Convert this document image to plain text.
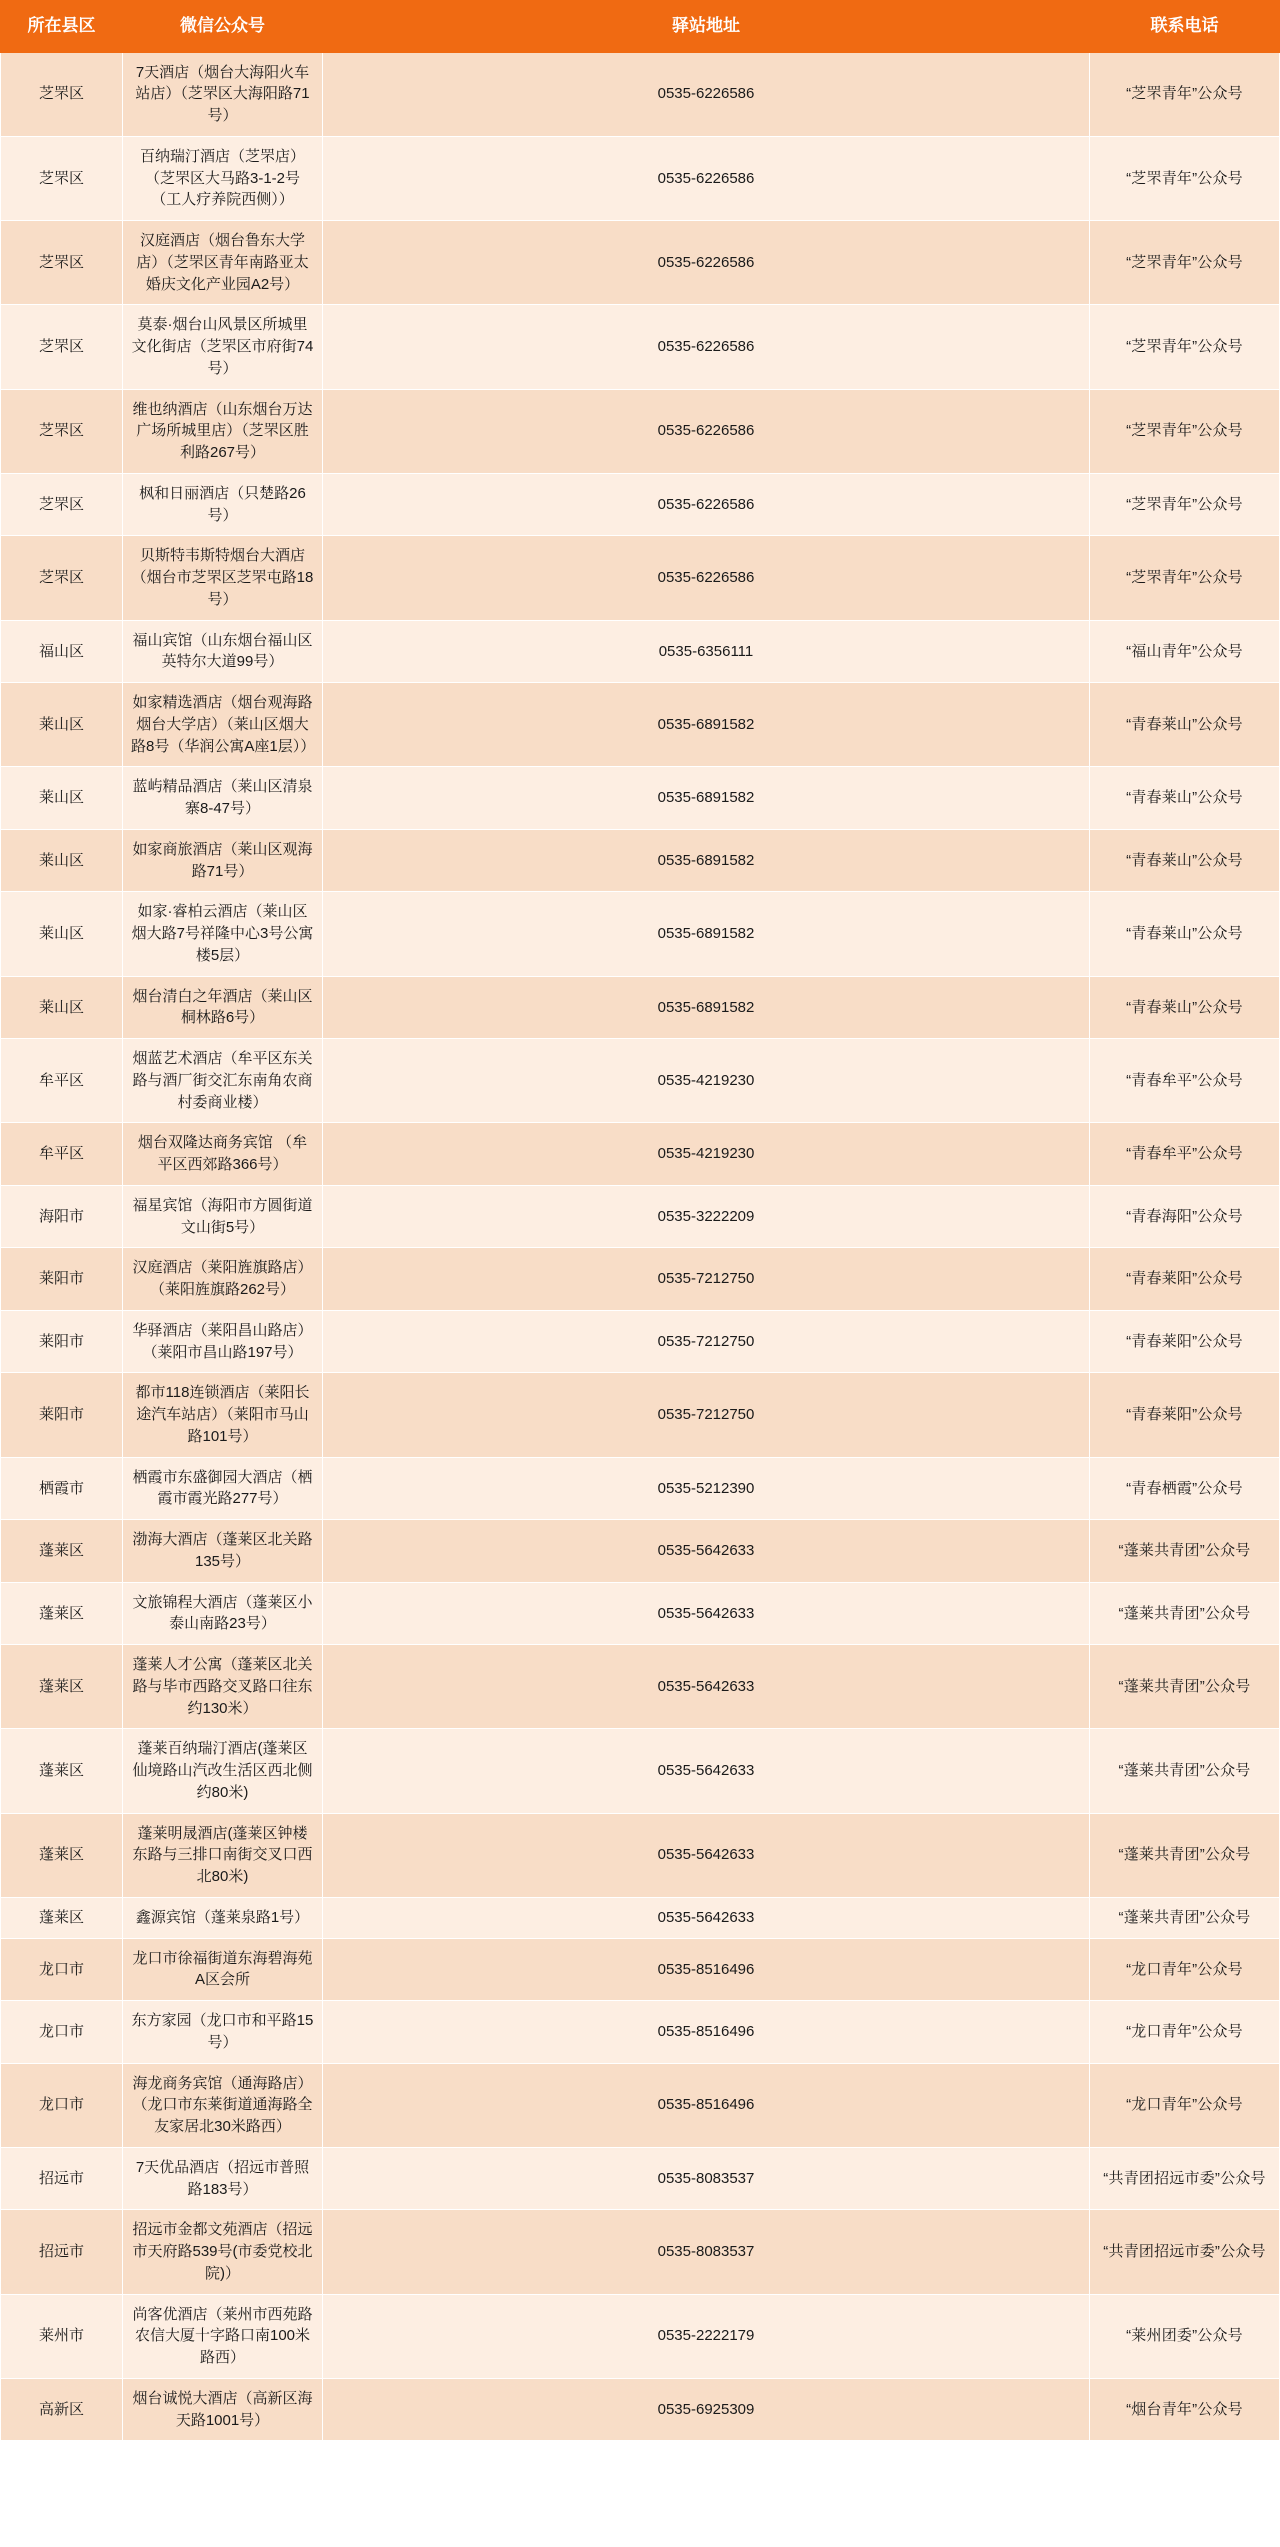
所在县区	微信公众号	驿站地址	联系电话
芝罘区	7天酒店（烟台大海阳火车站店）（芝罘区大海阳路71号）	0535-6226586	“芝罘青年”公众号
芝罘区	百纳瑞汀酒店（芝罘店）（芝罘区大马路3-1-2号（工人疗养院西侧））	0535-6226586	“芝罘青年”公众号
芝罘区	汉庭酒店（烟台鲁东大学店）（芝罘区青年南路亚太婚庆文化产业园A2号）	0535-6226586	“芝罘青年”公众号
芝罘区	莫泰·烟台山风景区所城里文化街店（芝罘区市府街74号）	0535-6226586	“芝罘青年”公众号
芝罘区	维也纳酒店（山东烟台万达广场所城里店）（芝罘区胜利路267号）	0535-6226586	“芝罘青年”公众号
芝罘区	枫和日丽酒店（只楚路26号）	0535-6226586	“芝罘青年”公众号
芝罘区	贝斯特韦斯特烟台大酒店（烟台市芝罘区芝罘屯路18号）	0535-6226586	“芝罘青年”公众号
福山区	福山宾馆（山东烟台福山区英特尔大道99号）	0535-6356111	“福山青年”公众号
莱山区	如家精选酒店（烟台观海路烟台大学店）（莱山区烟大路8号（华润公寓A座1层））	0535-6891582	“青春莱山”公众号
莱山区	蓝屿精品酒店（莱山区清泉寨8-47号）	0535-6891582	“青春莱山”公众号
莱山区	如家商旅酒店（莱山区观海路71号）	0535-6891582	“青春莱山”公众号
莱山区	如家·睿柏云酒店（莱山区烟大路7号祥隆中心3号公寓楼5层）	0535-6891582	“青春莱山”公众号
莱山区	烟台清白之年酒店（莱山区桐林路6号）	0535-6891582	“青春莱山”公众号
牟平区	烟蓝艺术酒店（牟平区东关路与酒厂街交汇东南角农商村委商业楼）	0535-4219230	“青春牟平”公众号
牟平区	烟台双隆达商务宾馆 （牟平区西郊路366号）	0535-4219230	“青春牟平”公众号
海阳市	福星宾馆（海阳市方圆街道文山街5号）	0535-3222209	“青春海阳”公众号
莱阳市	汉庭酒店（莱阳旌旗路店）（莱阳旌旗路262号）	0535-7212750	“青春莱阳”公众号
莱阳市	华驿酒店（莱阳昌山路店）（莱阳市昌山路197号）	0535-7212750	“青春莱阳”公众号
莱阳市	都市118连锁酒店（莱阳长途汽车站店）（莱阳市马山路101号）	0535-7212750	“青春莱阳”公众号
栖霞市	栖霞市东盛御园大酒店（栖霞市霞光路277号）	0535-5212390	“青春栖霞”公众号
蓬莱区	渤海大酒店（蓬莱区北关路135号）	0535-5642633	“蓬莱共青团”公众号
蓬莱区	文旅锦程大酒店（蓬莱区小泰山南路23号）	0535-5642633	“蓬莱共青团”公众号
蓬莱区	蓬莱人才公寓（蓬莱区北关路与毕市西路交叉路口往东约130米）	0535-5642633	“蓬莱共青团”公众号
蓬莱区	蓬莱百纳瑞汀酒店(蓬莱区仙境路山汽改生活区西北侧约80米)	0535-5642633	“蓬莱共青团”公众号
蓬莱区	蓬莱明晟酒店(蓬莱区钟楼东路与三排口南街交叉口西北80米)	0535-5642633	“蓬莱共青团”公众号
蓬莱区	鑫源宾馆（蓬莱泉路1号）	0535-5642633	“蓬莱共青团”公众号
龙口市	龙口市徐福街道东海碧海苑A区会所	0535-8516496	“龙口青年”公众号
龙口市	东方家园（龙口市和平路15号）	0535-8516496	“龙口青年”公众号
龙口市	海龙商务宾馆（通海路店）（龙口市东莱街道通海路全友家居北30米路西）	0535-8516496	“龙口青年”公众号
招远市	7天优品酒店（招远市普照路183号）	0535-8083537	“共青团招远市委”公众号
招远市	招远市金都文苑酒店（招远市天府路539号(市委党校北院)）	0535-8083537	“共青团招远市委”公众号
莱州市	尚客优酒店（莱州市西苑路农信大厦十字路口南100米路西）	0535-2222179	“莱州团委”公众号
高新区	烟台诚悦大酒店（高新区海天路1001号）	0535-6925309	“烟台青年”公众号
